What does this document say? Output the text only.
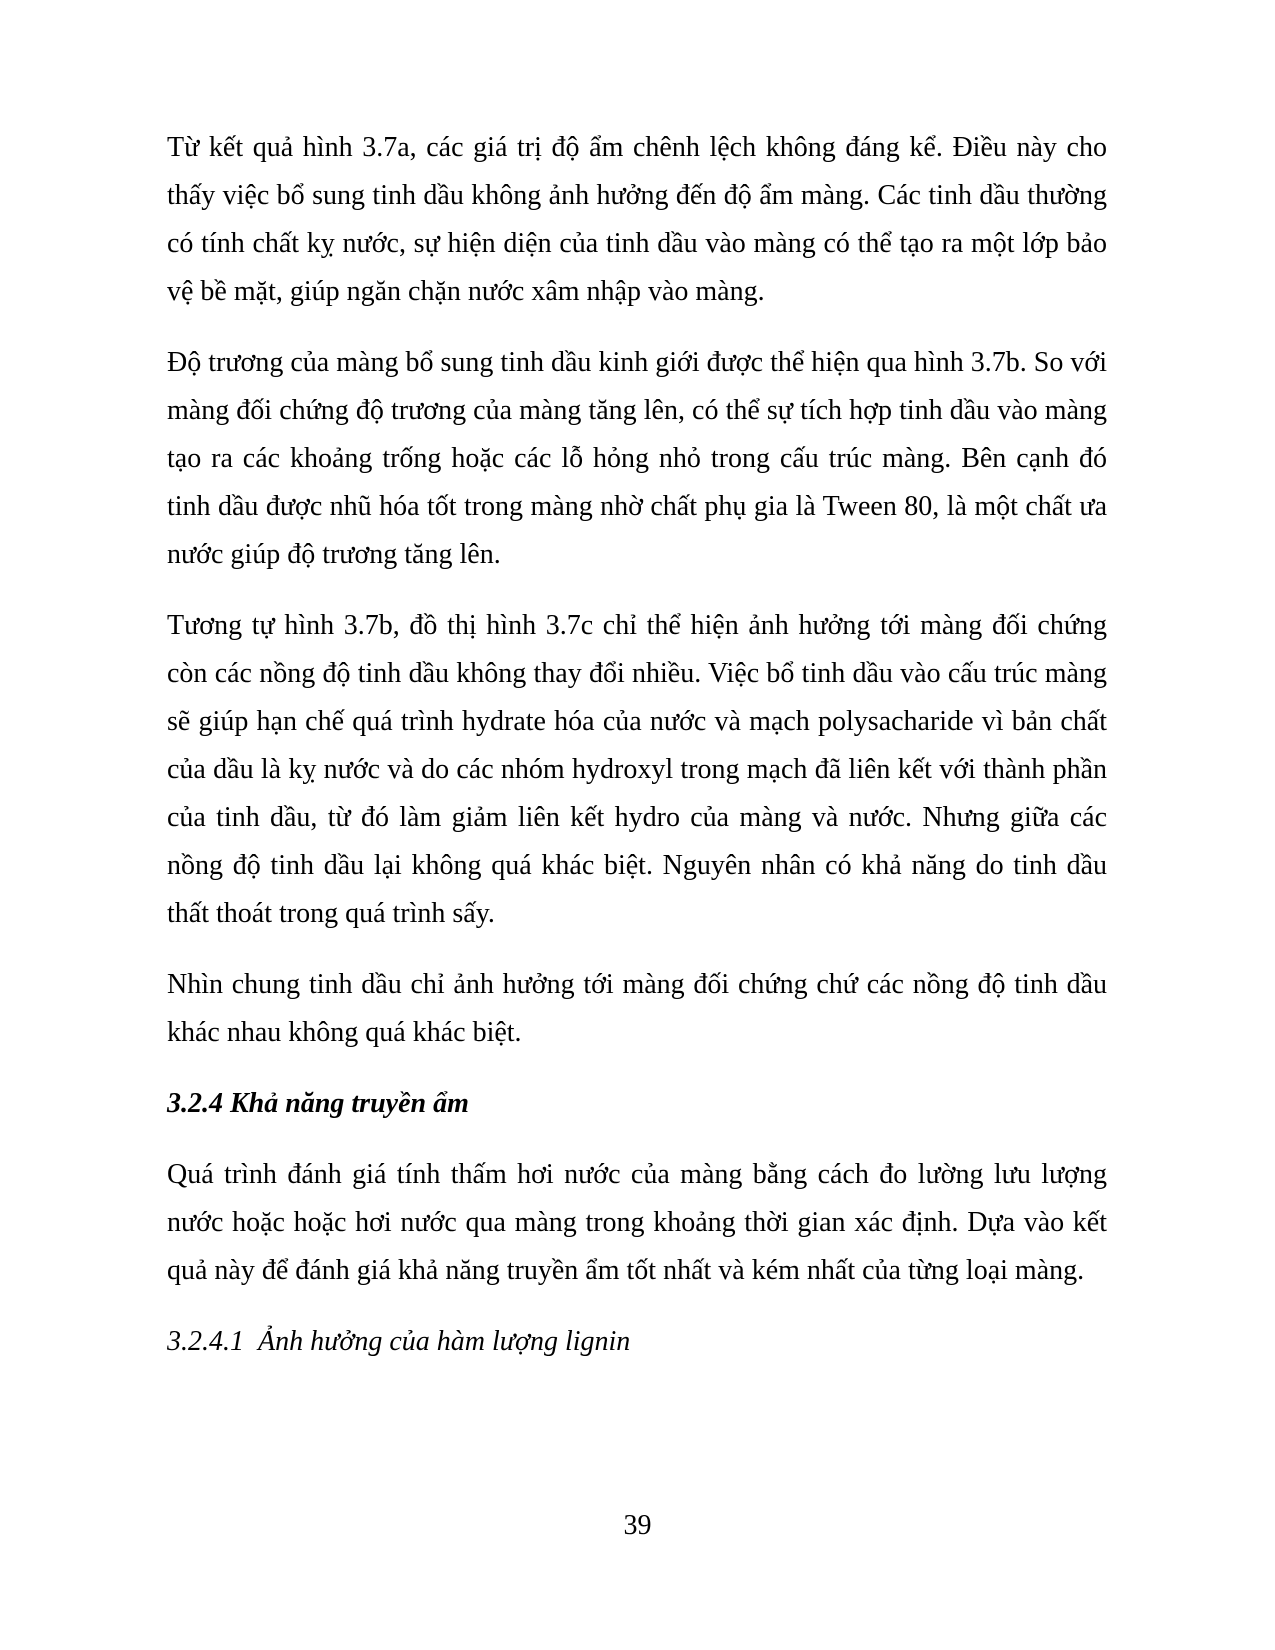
Từ kết quả hình 3.7a, các giá trị độ ẩm chênh lệch không đáng kể. Điều này cho thấy việc bổ sung tinh dầu không ảnh hưởng đến độ ẩm màng. Các tinh dầu thường có tính chất kỵ nước, sự hiện diện của tinh dầu vào màng có thể tạo ra một lớp bảo vệ bề mặt, giúp ngăn chặn nước xâm nhập vào màng.

Độ trương của màng bổ sung tinh dầu kinh giới được thể hiện qua hình 3.7b. So với màng đối chứng độ trương của màng tăng lên, có thể sự tích hợp tinh dầu vào màng tạo ra các khoảng trống hoặc các lỗ hỏng nhỏ trong cấu trúc màng. Bên cạnh đó tinh dầu được nhũ hóa tốt trong màng nhờ chất phụ gia là Tween 80, là một chất ưa nước giúp độ trương tăng lên.

Tương tự hình 3.7b, đồ thị hình 3.7c chỉ thể hiện ảnh hưởng tới màng đối chứng còn các nồng độ tinh dầu không thay đổi nhiều. Việc bổ tinh dầu vào cấu trúc màng sẽ giúp hạn chế quá trình hydrate hóa của nước và mạch polysacharide vì bản chất của dầu là kỵ nước và do các nhóm hydroxyl trong mạch đã liên kết với thành phần của tinh dầu, từ đó làm giảm liên kết hydro của màng và nước. Nhưng giữa các nồng độ tinh dầu lại không quá khác biệt. Nguyên nhân có khả năng do tinh dầu thất thoát trong quá trình sấy.

Nhìn chung tinh dầu chỉ ảnh hưởng tới màng đối chứng chứ các nồng độ tinh dầu khác nhau không quá khác biệt.

3.2.4 Khả năng truyền ẩm

Quá trình đánh giá tính thấm hơi nước của màng bằng cách đo lường lưu lượng nước hoặc hoặc hơi nước qua màng trong khoảng thời gian xác định. Dựa vào kết quả này để đánh giá khả năng truyền ẩm tốt nhất và kém nhất của từng loại màng.

3.2.4.1  Ảnh hưởng của hàm lượng lignin
39
